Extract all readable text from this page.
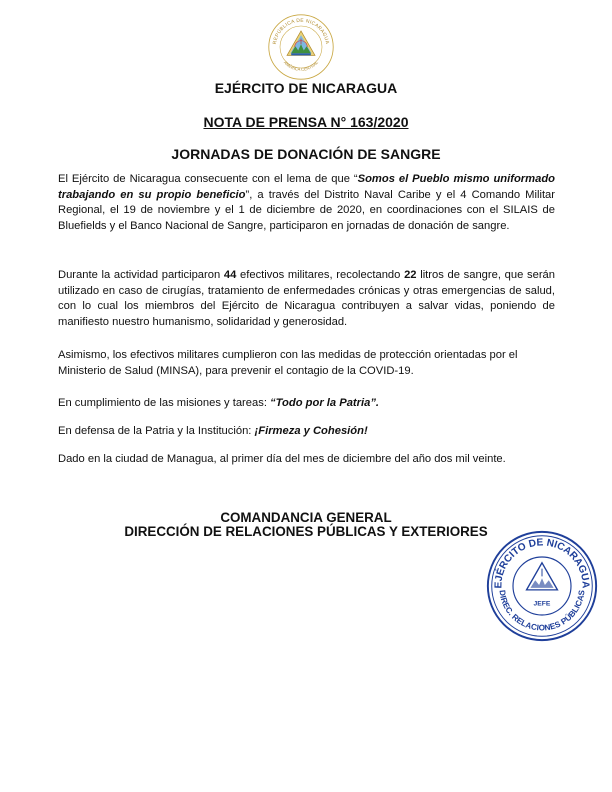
REPÚBLICA DE NICARAGUA
AMÉRICA CENTRAL

EJÉRCITO DE NICARAGUA

NOTA DE PRENSA N° 163/2020

JORNADAS DE DONACIÓN DE SANGRE

El Ejército de Nicaragua consecuente con el lema de que “Somos el Pueblo mismo uniformado trabajando en su propio beneficio”, a través del Distrito Naval Caribe y el 4 Comando Militar Regional, el 19 de noviembre y el 1 de diciembre de 2020, en coordinaciones con el SILAIS de Bluefields y el Banco Nacional de Sangre, participaron en jornadas de donación de sangre.

Durante la actividad participaron 44 efectivos militares, recolectando 22 litros de sangre, que serán utilizado en caso de cirugías, tratamiento de enfermedades crónicas y otras emergencias de salud, con lo cual los miembros del Ejército de Nicaragua contribuyen a salvar vidas, poniendo de manifiesto nuestro humanismo, solidaridad y generosidad.

Asimismo, los efectivos militares cumplieron con las medidas de protección orientadas por el Ministerio de Salud (MINSA), para prevenir el contagio de la COVID-19.

En cumplimiento de las misiones y tareas: “Todo por la Patria”.

En defensa de la Patria y la Institución: ¡Firmeza y Cohesión!

Dado en la ciudad de Managua, al primer día del mes de diciembre del año dos mil veinte.

COMANDANCIA GENERAL

DIRECCIÓN DE RELACIONES PÚBLICAS Y EXTERIORES

EJÉRCITO DE NICARAGUA
DIREC. RELACIONES PÚBLICAS
JEFE
